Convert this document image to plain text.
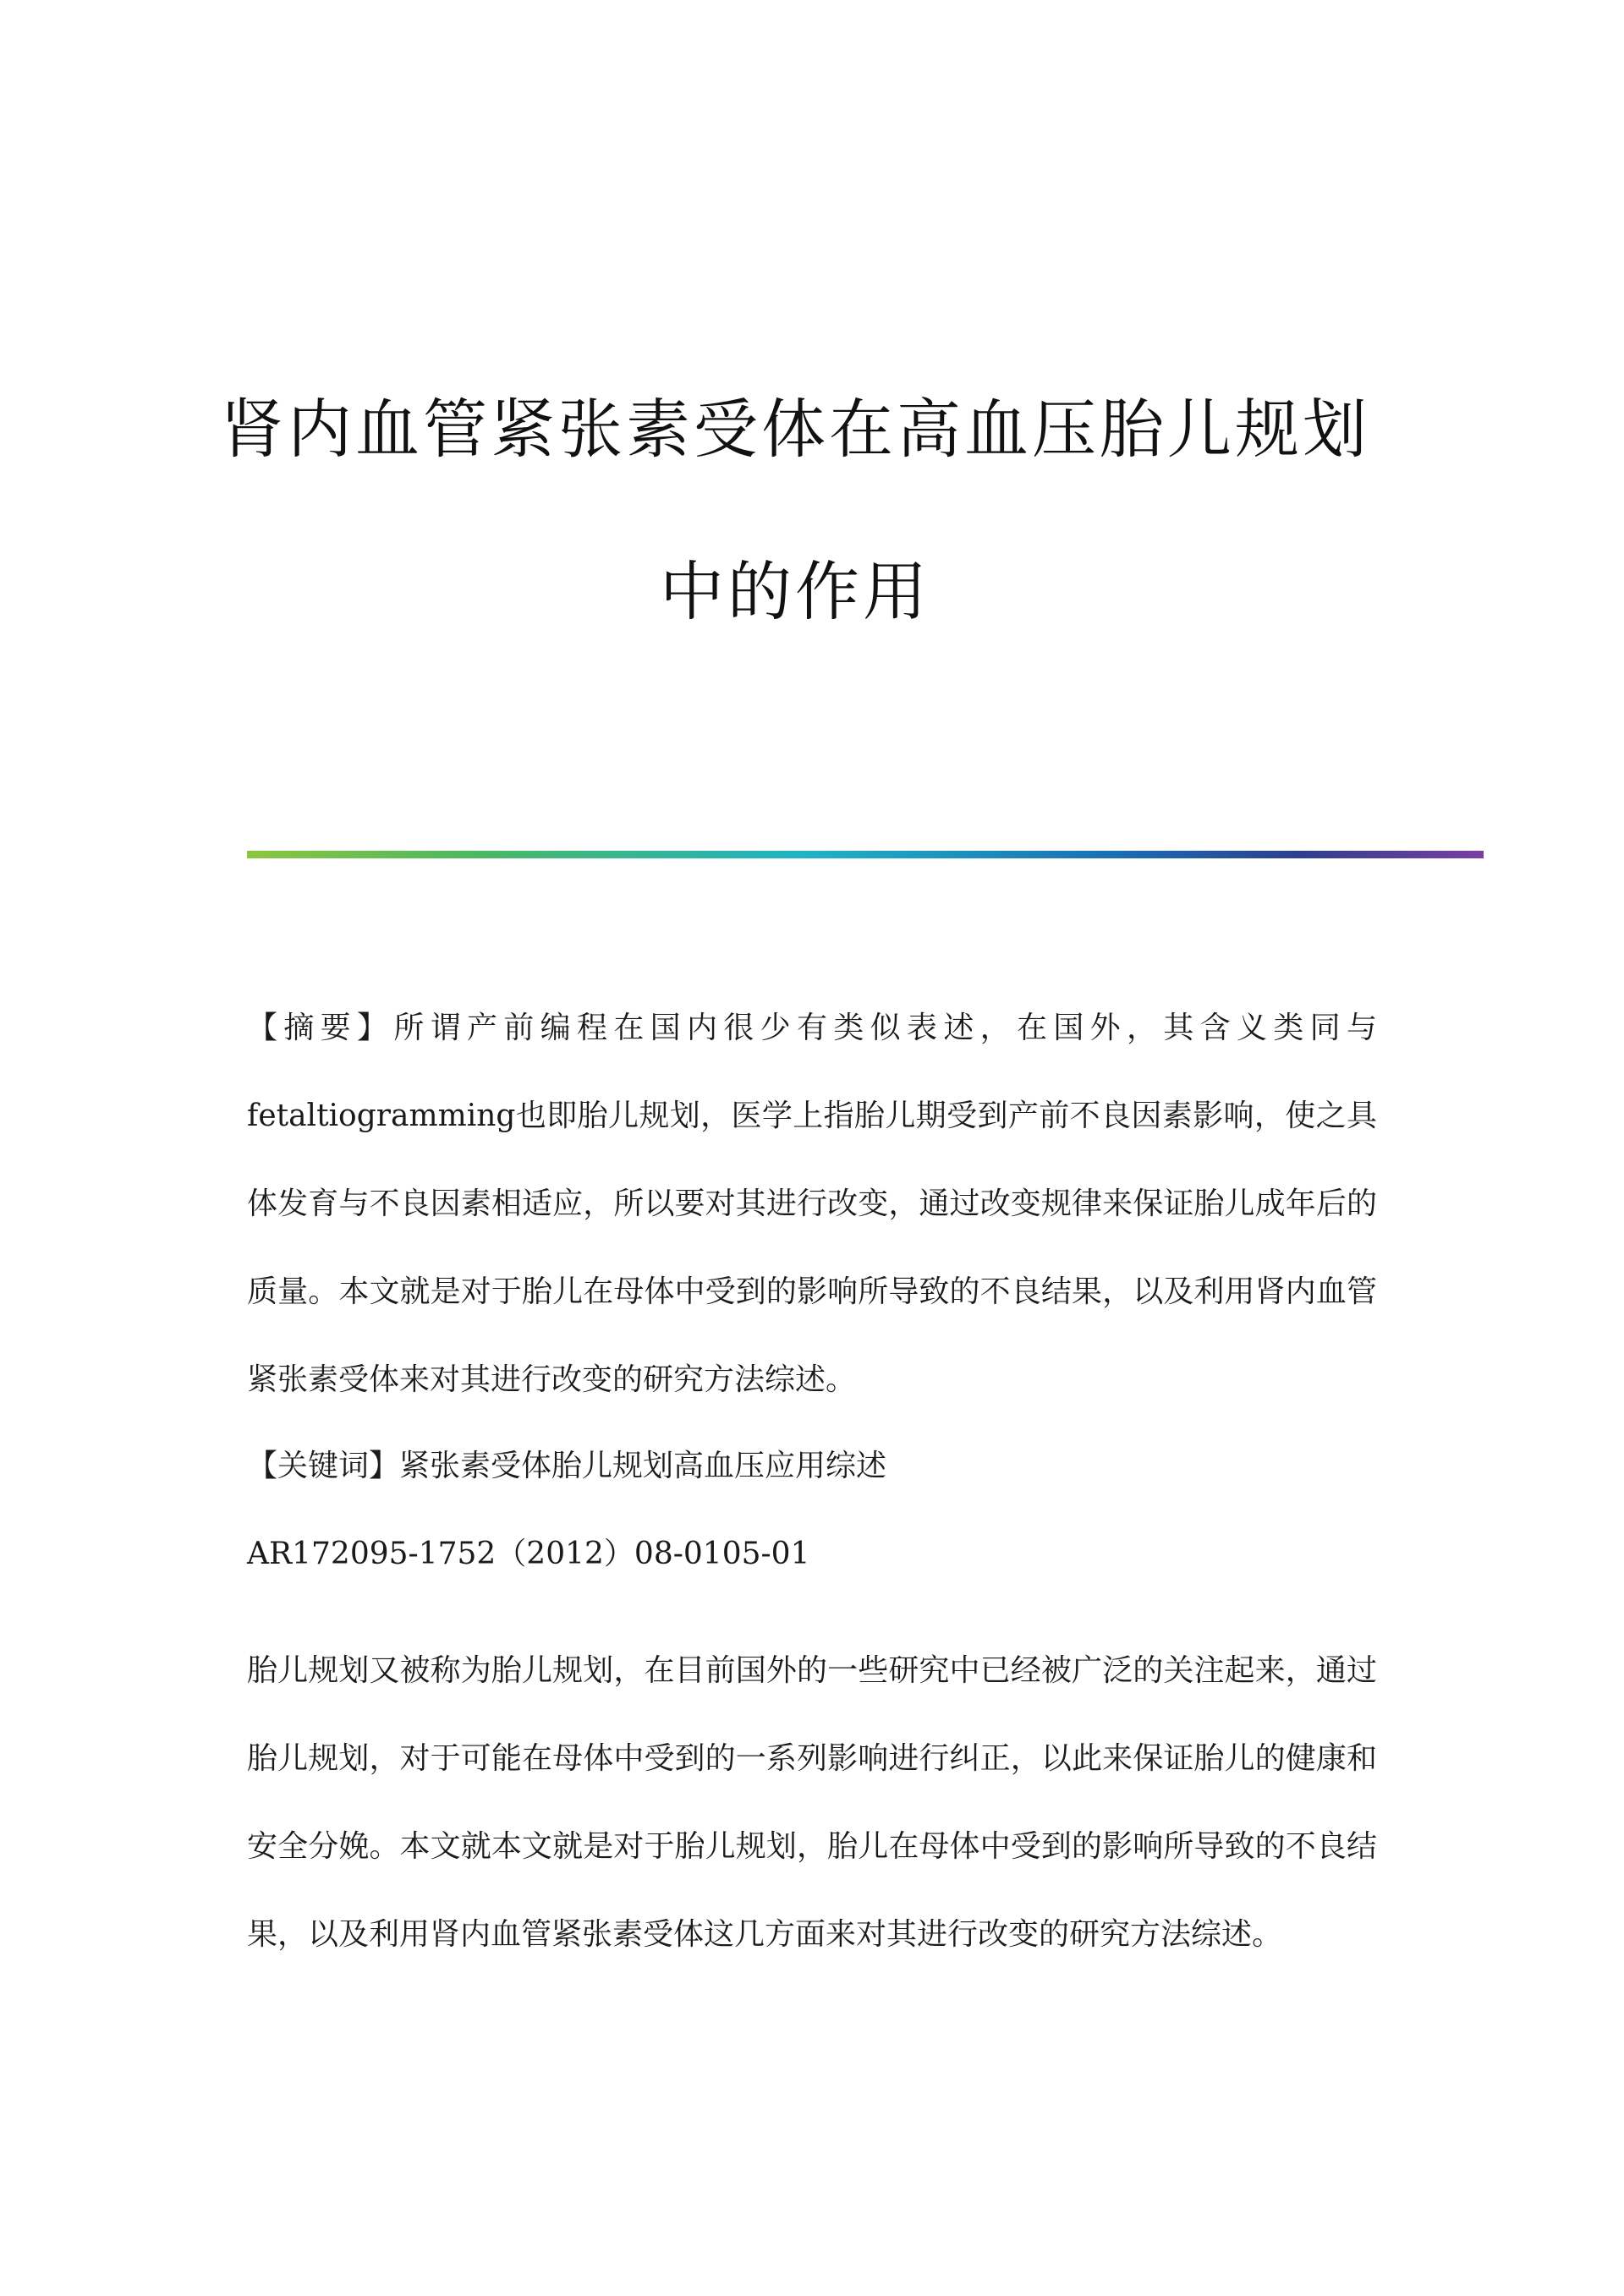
肾内血管紧张素受体在高血压胎儿规划
中的作用

【摘要】所谓产前编程在国内很少有类似表述，在国外，其含义类同与fetaltiogramming也即胎儿规划，医学上指胎儿期受到产前不良因素影响，使之具体发育与不良因素相适应，所以要对其进行改变，通过改变规律来保证胎儿成年后的质量。本文就是对于胎儿在母体中受到的影响所导致的不良结果，以及利用肾内血管紧张素受体来对其进行改变的研究方法综述。

【关键词】紧张素受体胎儿规划高血压应用综述

AR172095-1752（2012）08-0105-01

胎儿规划又被称为胎儿规划，在目前国外的一些研究中已经被广泛的关注起来，通过胎儿规划，对于可能在母体中受到的一系列影响进行纠正，以此来保证胎儿的健康和安全分娩。本文就本文就是对于胎儿规划，胎儿在母体中受到的影响所导致的不良结果，以及利用肾内血管紧张素受体这几方面来对其进行改变的研究方法综述。
